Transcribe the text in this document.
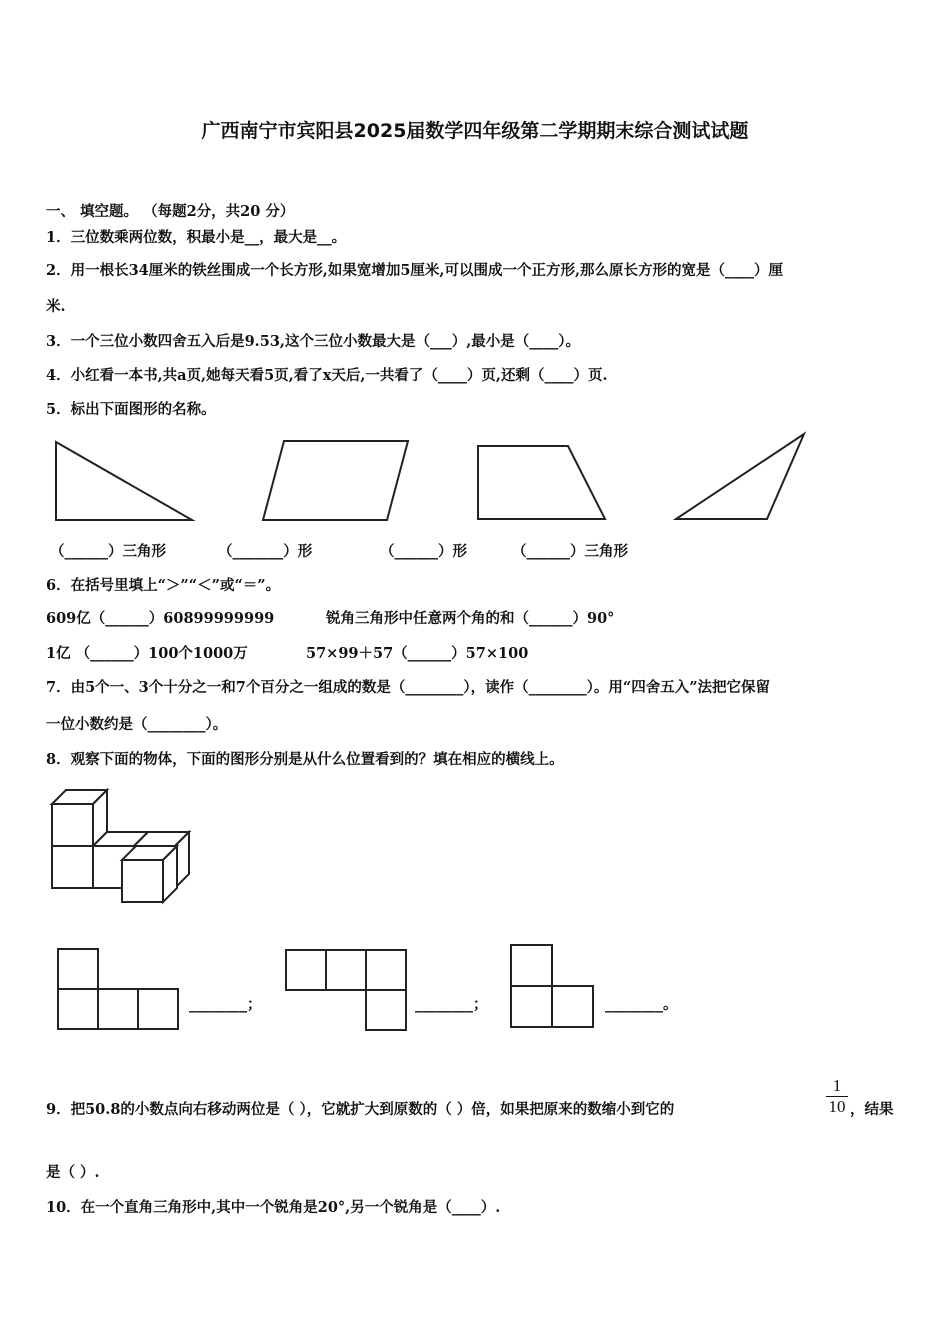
广西南宁市宾阳县2025届数学四年级第二学期期末综合测试试题
一、 填空题。 （每题2分，共20 分）
1．三位数乘两位数，积最小是__，最大是__。
2．用一根长34厘米的铁丝围成一个长方形,如果宽增加5厘米,可以围成一个正方形,那么原长方形的宽是（____）厘
米.
3．一个三位小数四舍五入后是9.53,这个三位小数最大是（___）,最小是（____）。
4．小红看一本书,共a页,她每天看5页,看了x天后,一共看了（____）页,还剩（____）页.
5．标出下面图形的名称。
（______）三角形	（_______）形	（______）形	（______）三角形
6．在括号里填上“＞”“＜”或“＝”。
609亿（______）60899999999	锐角三角形中任意两个角的和（______）90°
1亿 （______）100个1000万	57×99＋57（______）57×100
7．由5个一、3个十分之一和7个百分之一组成的数是（________），读作（________）。用“四舍五入”法把它保留
一位小数约是（________）。
8．观察下面的物体，下面的图形分别是从什么位置看到的？填在相应的横线上。
________；	________；	________。
9．把50.8的小数点向右移动两位是（ ），它就扩大到原数的（ ）倍，如果把原来的数缩小到它的
1
10 ，结果
是（ ）.
10．在一个直角三角形中,其中一个锐角是20°,另一个锐角是（____）.
